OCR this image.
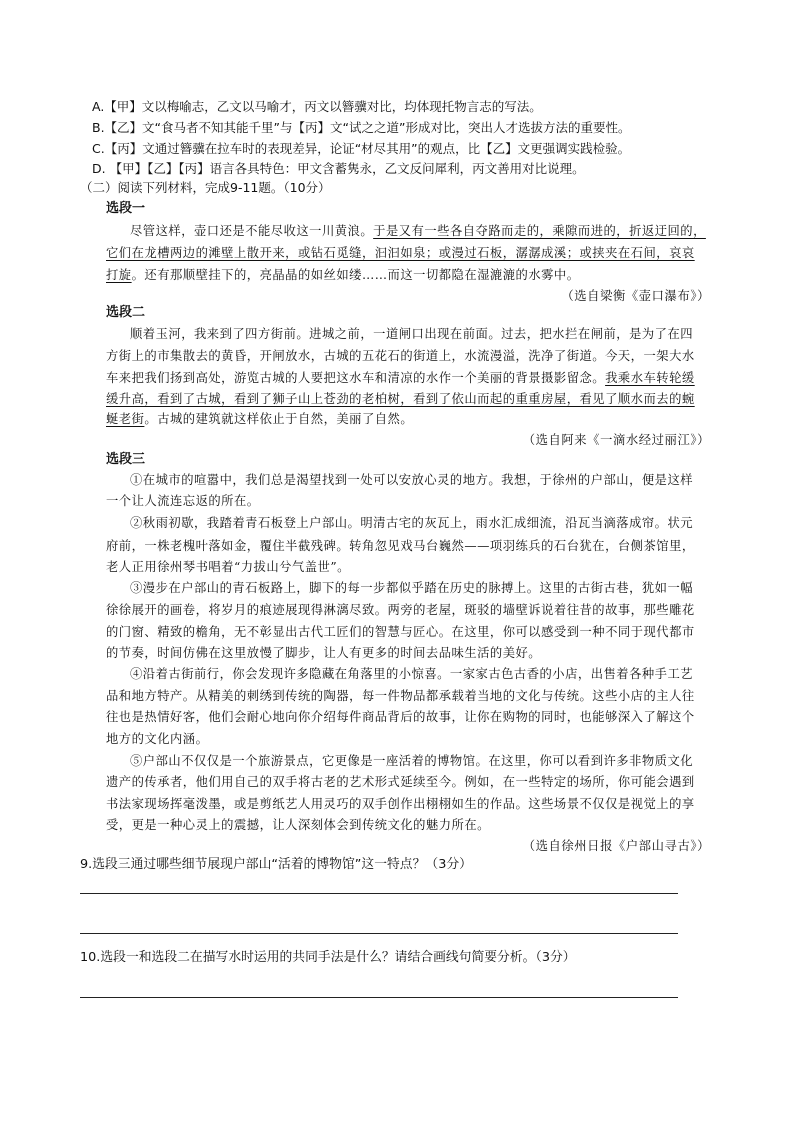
A.【甲】文以梅喻志，乙文以马喻才，丙文以簪骥对比，均体现托物言志的写法。
B.【乙】文“食马者不知其能千里”与【丙】文“试之之道”形成对比，突出人才选拔方法的重要性。
C.【丙】文通过簪骥在拉车时的表现差异，论证“材尽其用”的观点，比【乙】文更强调实践检验。
D. 【甲】【乙】【丙】语言各具特色：甲文含蓄隽永，乙文反问犀利，丙文善用对比说理。
（二）阅读下列材料，完成9-11题。（10分）
选段一
尽管这样，壶口还是不能尽收这一川黄浪。于是又有一些各自夺路而走的，乘隙而进的，折返迂回的，
它们在龙槽两边的滩壁上散开来，或钻石觅缝，汩汩如泉；或漫过石板，潺潺成溪；或挟夹在石间，哀哀
打旋。还有那顺壁挂下的，亮晶晶的如丝如缕……而这一切都隐在湿漉漉的水雾中。
（选自梁衡《壶口瀑布》）
选段二
顺着玉河，我来到了四方街前。进城之前，一道闸口出现在前面。过去，把水拦在闸前，是为了在四
方街上的市集散去的黄昏，开闸放水，古城的五花石的街道上，水流漫溢，洗净了街道。今天，一架大水
车来把我们扬到高处，游览古城的人要把这水车和清凉的水作一个美丽的背景摄影留念。我乘水车转轮缓
缓升高，看到了古城，看到了狮子山上苍劲的老柏树，看到了依山而起的重重房屋，看见了顺水而去的蜿
蜒老街。古城的建筑就这样依止于自然，美丽了自然。
（选自阿来《一滴水经过丽江》）
选段三
①在城市的喧嚣中，我们总是渴望找到一处可以安放心灵的地方。我想，于徐州的户部山，便是这样
一个让人流连忘返的所在。
②秋雨初歇，我踏着青石板登上户部山。明清古宅的灰瓦上，雨水汇成细流，沿瓦当滴落成帘。状元
府前，一株老槐叶落如金，覆住半截残碑。转角忽见戏马台巍然——项羽练兵的石台犹在，台侧茶馆里，
老人正用徐州琴书唱着“力拔山兮气盖世”。
③漫步在户部山的青石板路上，脚下的每一步都似乎踏在历史的脉搏上。这里的古街古巷，犹如一幅
徐徐展开的画卷，将岁月的痕迹展现得淋漓尽致。两旁的老屋，斑驳的墙壁诉说着往昔的故事，那些雕花
的门窗、精致的檐角，无不彰显出古代工匠们的智慧与匠心。在这里，你可以感受到一种不同于现代都市
的节奏，时间仿佛在这里放慢了脚步，让人有更多的时间去品味生活的美好。
④沿着古街前行，你会发现许多隐藏在角落里的小惊喜。一家家古色古香的小店，出售着各种手工艺
品和地方特产。从精美的刺绣到传统的陶器，每一件物品都承载着当地的文化与传统。这些小店的主人往
往也是热情好客，他们会耐心地向你介绍每件商品背后的故事，让你在购物的同时，也能够深入了解这个
地方的文化内涵。
⑤户部山不仅仅是一个旅游景点，它更像是一座活着的博物馆。在这里，你可以看到许多非物质文化
遗产的传承者，他们用自己的双手将古老的艺术形式延续至今。例如，在一些特定的场所，你可能会遇到
书法家现场挥毫泼墨，或是剪纸艺人用灵巧的双手创作出栩栩如生的作品。这些场景不仅仅是视觉上的享
受，更是一种心灵上的震撼，让人深刻体会到传统文化的魅力所在。
（选自徐州日报《户部山寻古》）
9.选段三通过哪些细节展现户部山“活着的博物馆”这一特点？（3分）
10.选段一和选段二在描写水时运用的共同手法是什么？请结合画线句简要分析。（3分）
